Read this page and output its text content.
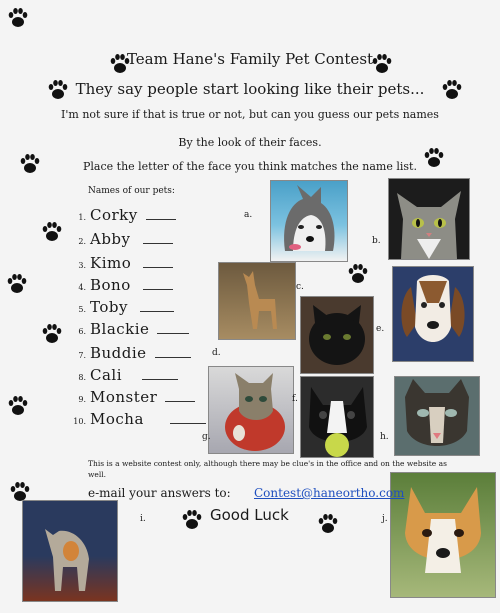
Team Hane's Family Pet Contest
They say people start looking like their pets...
I'm not sure if that is true or not, but can you guess our pets names
By the look of their faces.
Place the letter of the face you think matches the name list.
Names of our pets:
1. Corky
2. Abby
3. Kimo
4. Bono
5. Toby
6. Blackie
7. Buddie
8. Cali
9. Monster
10. Mocha
a.
b.
c.
d.
e.
f.
g.	h.
i.	j.
This is a website contest only, although there may be clue's in the office and on the website as well.
e-mail your answers to: Contest@haneortho.com
Good Luck
